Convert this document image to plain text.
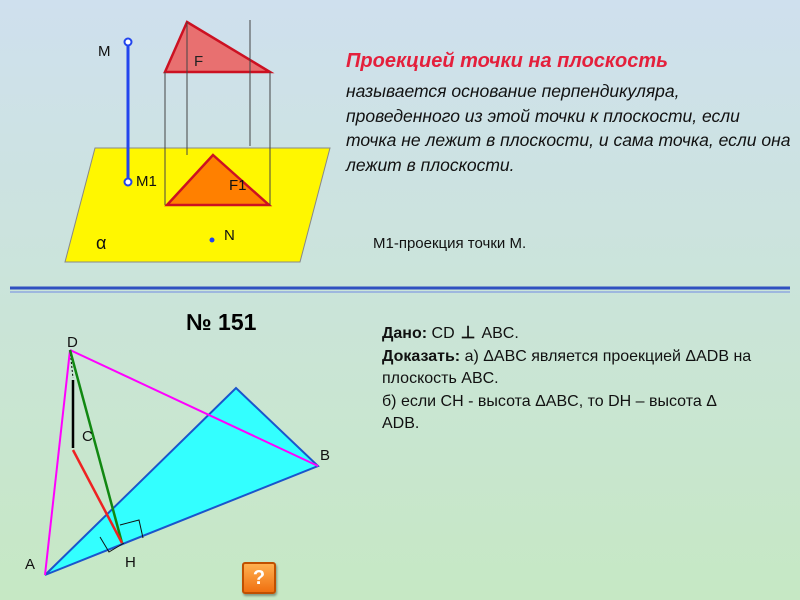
M
F
M1	F1
α	N
D
C
B
A	H
Проекцией точки на плоскость
называется основание перпендикуляра, проведенного из этой точки к плоскости, если точка не лежит в плоскости, и сама точка, если она лежит в плоскости.
М1-проекция точки М.
№ 151	Дано: CD ⊥ ABC.
Доказать: а) ΔABC является проекцией ΔADB на плоскость ABC.
б) если CH - высота ΔABC, то DH – высота Δ ADB.
?
